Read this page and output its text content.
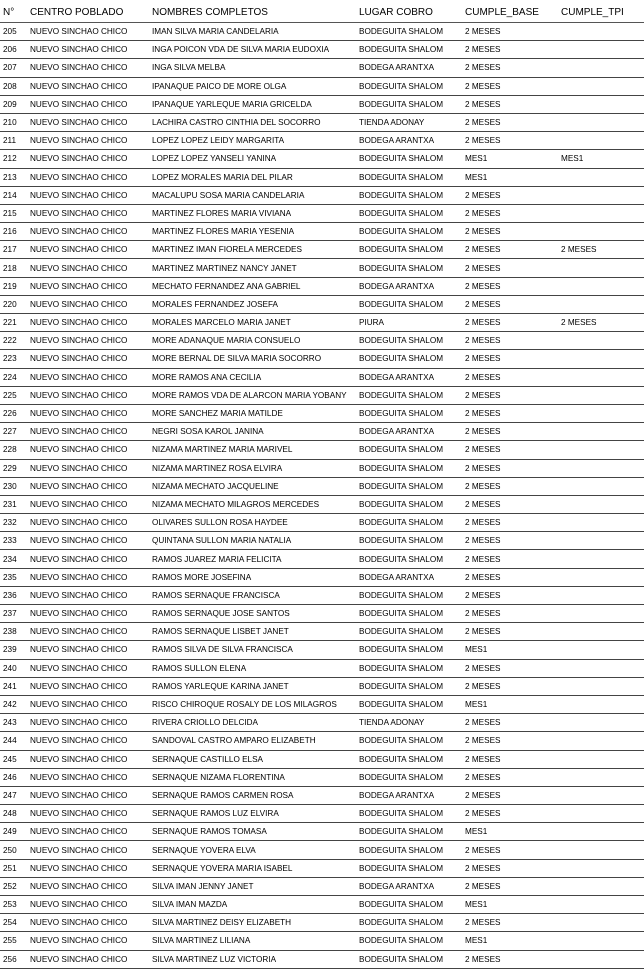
N°	CENTRO POBLADO	NOMBRES COMPLETOS	LUGAR COBRO	CUMPLE_BASE	CUMPLE_TPI
205	NUEVO SINCHAO CHICO	IMAN SILVA MARIA CANDELARIA	BODEGUITA SHALOM	2 MESES	
206	NUEVO SINCHAO CHICO	INGA POICON VDA DE SILVA MARIA EUDOXIA	BODEGUITA SHALOM	2 MESES	
207	NUEVO SINCHAO CHICO	INGA SILVA MELBA	BODEGA ARANTXA	2 MESES	
208	NUEVO SINCHAO CHICO	IPANAQUE PAICO DE MORE OLGA	BODEGUITA SHALOM	2 MESES	
209	NUEVO SINCHAO CHICO	IPANAQUE YARLEQUE MARIA GRICELDA	BODEGUITA SHALOM	2 MESES	
210	NUEVO SINCHAO CHICO	LACHIRA CASTRO CINTHIA DEL SOCORRO	TIENDA ADONAY	2 MESES	
211	NUEVO SINCHAO CHICO	LOPEZ LOPEZ LEIDY MARGARITA	BODEGA ARANTXA	2 MESES	
212	NUEVO SINCHAO CHICO	LOPEZ LOPEZ YANSELI YANINA	BODEGUITA SHALOM	MES1	MES1
213	NUEVO SINCHAO CHICO	LOPEZ MORALES MARIA DEL PILAR	BODEGUITA SHALOM	MES1	
214	NUEVO SINCHAO CHICO	MACALUPU SOSA MARIA CANDELARIA	BODEGUITA SHALOM	2 MESES	
215	NUEVO SINCHAO CHICO	MARTINEZ FLORES MARIA VIVIANA	BODEGUITA SHALOM	2 MESES	
216	NUEVO SINCHAO CHICO	MARTINEZ FLORES MARIA YESENIA	BODEGUITA SHALOM	2 MESES	
217	NUEVO SINCHAO CHICO	MARTINEZ IMAN FIORELA MERCEDES	BODEGUITA SHALOM	2 MESES	2 MESES
218	NUEVO SINCHAO CHICO	MARTINEZ MARTINEZ NANCY JANET	BODEGUITA SHALOM	2 MESES	
219	NUEVO SINCHAO CHICO	MECHATO FERNANDEZ ANA GABRIEL	BODEGA ARANTXA	2 MESES	
220	NUEVO SINCHAO CHICO	MORALES FERNANDEZ JOSEFA	BODEGUITA SHALOM	2 MESES	
221	NUEVO SINCHAO CHICO	MORALES MARCELO MARIA JANET	PIURA	2 MESES	2 MESES
222	NUEVO SINCHAO CHICO	MORE ADANAQUE MARIA CONSUELO	BODEGUITA SHALOM	2 MESES	
223	NUEVO SINCHAO CHICO	MORE BERNAL DE SILVA MARIA SOCORRO	BODEGUITA SHALOM	2 MESES	
224	NUEVO SINCHAO CHICO	MORE RAMOS ANA CECILIA	BODEGA ARANTXA	2 MESES	
225	NUEVO SINCHAO CHICO	MORE RAMOS VDA DE ALARCON MARIA YOBANY	BODEGUITA SHALOM	2 MESES	
226	NUEVO SINCHAO CHICO	MORE SANCHEZ MARIA MATILDE	BODEGUITA SHALOM	2 MESES	
227	NUEVO SINCHAO CHICO	NEGRI SOSA KAROL JANINA	BODEGA ARANTXA	2 MESES	
228	NUEVO SINCHAO CHICO	NIZAMA MARTINEZ MARIA MARIVEL	BODEGUITA SHALOM	2 MESES	
229	NUEVO SINCHAO CHICO	NIZAMA MARTINEZ ROSA ELVIRA	BODEGUITA SHALOM	2 MESES	
230	NUEVO SINCHAO CHICO	NIZAMA MECHATO JACQUELINE	BODEGUITA SHALOM	2 MESES	
231	NUEVO SINCHAO CHICO	NIZAMA MECHATO MILAGROS MERCEDES	BODEGUITA SHALOM	2 MESES	
232	NUEVO SINCHAO CHICO	OLIVARES SULLON ROSA HAYDEE	BODEGUITA SHALOM	2 MESES	
233	NUEVO SINCHAO CHICO	QUINTANA SULLON MARIA NATALIA	BODEGUITA SHALOM	2 MESES	
234	NUEVO SINCHAO CHICO	RAMOS JUAREZ MARIA FELICITA	BODEGUITA SHALOM	2 MESES	
235	NUEVO SINCHAO CHICO	RAMOS MORE JOSEFINA	BODEGA ARANTXA	2 MESES	
236	NUEVO SINCHAO CHICO	RAMOS SERNAQUE FRANCISCA	BODEGUITA SHALOM	2 MESES	
237	NUEVO SINCHAO CHICO	RAMOS SERNAQUE JOSE SANTOS	BODEGUITA SHALOM	2 MESES	
238	NUEVO SINCHAO CHICO	RAMOS SERNAQUE LISBET JANET	BODEGUITA SHALOM	2 MESES	
239	NUEVO SINCHAO CHICO	RAMOS SILVA DE SILVA FRANCISCA	BODEGUITA SHALOM	MES1	
240	NUEVO SINCHAO CHICO	RAMOS SULLON ELENA	BODEGUITA SHALOM	2 MESES	
241	NUEVO SINCHAO CHICO	RAMOS YARLEQUE KARINA JANET	BODEGUITA SHALOM	2 MESES	
242	NUEVO SINCHAO CHICO	RISCO CHIROQUE ROSALY DE LOS MILAGROS	BODEGUITA SHALOM	MES1	
243	NUEVO SINCHAO CHICO	RIVERA CRIOLLO DELCIDA	TIENDA ADONAY	2 MESES	
244	NUEVO SINCHAO CHICO	SANDOVAL CASTRO AMPARO ELIZABETH	BODEGUITA SHALOM	2 MESES	
245	NUEVO SINCHAO CHICO	SERNAQUE CASTILLO ELSA	BODEGUITA SHALOM	2 MESES	
246	NUEVO SINCHAO CHICO	SERNAQUE NIZAMA FLORENTINA	BODEGUITA SHALOM	2 MESES	
247	NUEVO SINCHAO CHICO	SERNAQUE RAMOS CARMEN ROSA	BODEGA ARANTXA	2 MESES	
248	NUEVO SINCHAO CHICO	SERNAQUE RAMOS LUZ ELVIRA	BODEGUITA SHALOM	2 MESES	
249	NUEVO SINCHAO CHICO	SERNAQUE RAMOS TOMASA	BODEGUITA SHALOM	MES1	
250	NUEVO SINCHAO CHICO	SERNAQUE YOVERA ELVA	BODEGUITA SHALOM	2 MESES	
251	NUEVO SINCHAO CHICO	SERNAQUE YOVERA MARIA ISABEL	BODEGUITA SHALOM	2 MESES	
252	NUEVO SINCHAO CHICO	SILVA IMAN JENNY JANET	BODEGA ARANTXA	2 MESES	
253	NUEVO SINCHAO CHICO	SILVA IMAN MAZDA	BODEGUITA SHALOM	MES1	
254	NUEVO SINCHAO CHICO	SILVA MARTINEZ DEISY ELIZABETH	BODEGUITA SHALOM	2 MESES	
255	NUEVO SINCHAO CHICO	SILVA MARTINEZ LILIANA	BODEGUITA SHALOM	MES1	
256	NUEVO SINCHAO CHICO	SILVA MARTINEZ LUZ VICTORIA	BODEGUITA SHALOM	2 MESES	
